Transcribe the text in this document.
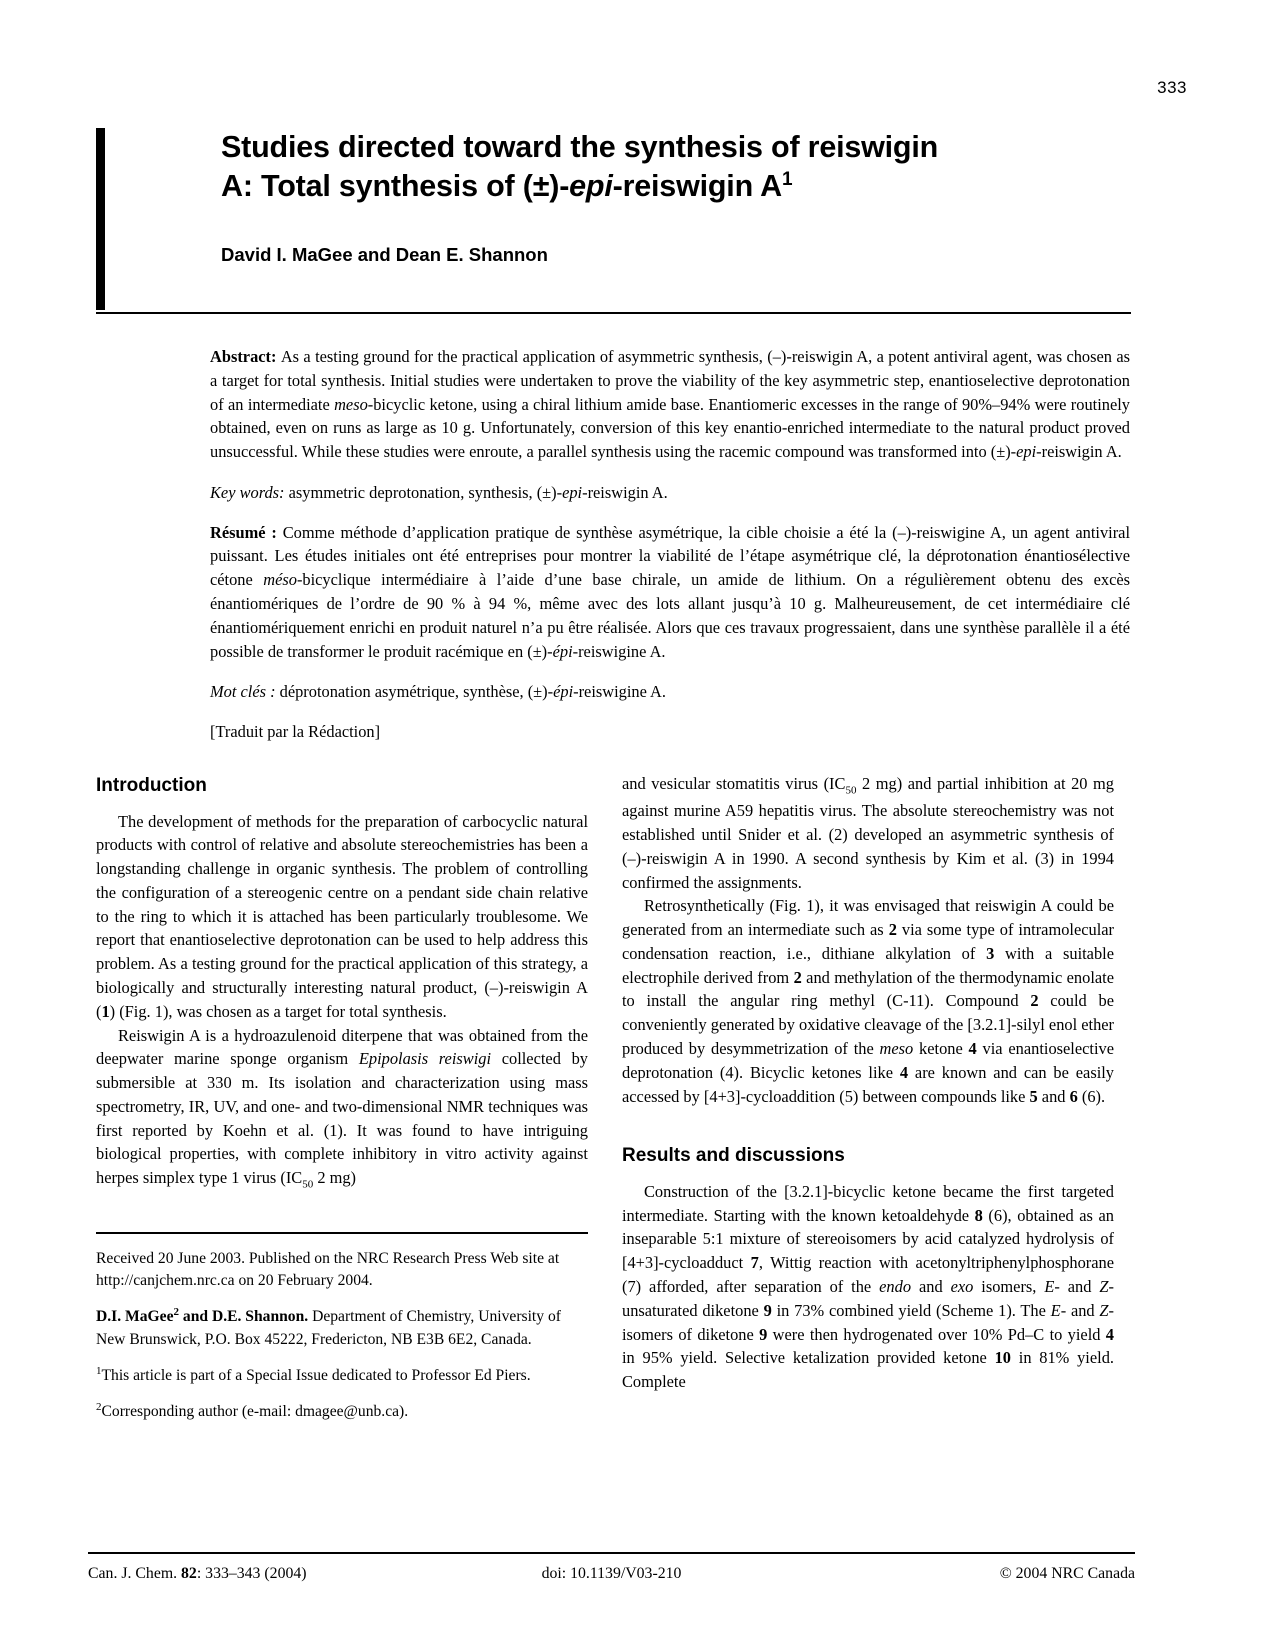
333
Studies directed toward the synthesis of reiswigin
A: Total synthesis of (±)-epi-reiswigin $A^1$
David I. MaGee and Dean E. Shannon

Abstract: As a testing ground for the practical application of asymmetric synthesis, (–)-reiswigin A, a potent antiviral agent, was chosen as a target for total synthesis. Initial studies were undertaken to prove the viability of the key asymmetric step, enantioselective deprotonation of an intermediate meso-bicyclic ketone, using a chiral lithium amide base. Enantiomeric excesses in the range of 90%–94% were routinely obtained, even on runs as large as 10 g. Unfortunately, conversion of this key enantio-enriched intermediate to the natural product proved unsuccessful. While these studies were enroute, a parallel synthesis using the racemic compound was transformed into (±)-epi-reiswigin A.

Key words: asymmetric deprotonation, synthesis, (±)-epi-reiswigin A.

Résumé : Comme méthode d’application pratique de synthèse asymétrique, la cible choisie a été la (–)-reiswigine A, un agent antiviral puissant. Les études initiales ont été entreprises pour montrer la viabilité de l’étape asymétrique clé, la déprotonation énantiosélective cétone méso-bicyclique intermédiaire à l’aide d’une base chirale, un amide de lithium. On a régulièrement obtenu des excès énantiomériques de l’ordre de 90 % à 94 %, même avec des lots allant jusqu’à 10 g. Malheureusement, de cet intermédiaire clé énantiomériquement enrichi en produit naturel n’a pu être réalisée. Alors que ces travaux progressaient, dans une synthèse parallèle il a été possible de transformer le produit racémique en (±)-épi-reiswigine A.

Mot clés : déprotonation asymétrique, synthèse, (±)-épi-reiswigine A.

[Traduit par la Rédaction]

Introduction

The development of methods for the preparation of carbocyclic natural products with control of relative and absolute stereochemistries has been a longstanding challenge in organic synthesis. The problem of controlling the configuration of a stereogenic centre on a pendant side chain relative to the ring to which it is attached has been particularly troublesome. We report that enantioselective deprotonation can be used to help address this problem. As a testing ground for the practical application of this strategy, a biologically and structurally interesting natural product, (–)-reiswigin A (1) (Fig. 1), was chosen as a target for total synthesis.

Reiswigin A is a hydroazulenoid diterpene that was obtained from the deepwater marine sponge organism Epipolasis reiswigi collected by submersible at 330 m. Its isolation and characterization using mass spectrometry, IR, UV, and one- and two-dimensional NMR techniques was first reported by Koehn et al. (1). It was found to have intriguing biological properties, with complete inhibitory in vitro activity against herpes simplex type 1 virus ($IC_{50}$ 2 mg)

Received 20 June 2003. Published on the NRC Research Press Web site at http://canjchem.nrc.ca on 20 February 2004.

D.I. MaGee$^2$ and D.E. Shannon. Department of Chemistry, University of New Brunswick, P.O. Box 45222, Fredericton, NB E3B 6E2, Canada.

$^1$This article is part of a Special Issue dedicated to Professor Ed Piers.

$^2$Corresponding author (e-mail: dmagee@unb.ca).

and vesicular stomatitis virus ($IC_{50}$ 2 mg) and partial inhibition at 20 mg against murine A59 hepatitis virus. The absolute stereochemistry was not established until Snider et al. (2) developed an asymmetric synthesis of (–)-reiswigin A in 1990. A second synthesis by Kim et al. (3) in 1994 confirmed the assignments.

Retrosynthetically (Fig. 1), it was envisaged that reiswigin A could be generated from an intermediate such as 2 via some type of intramolecular condensation reaction, i.e., dithiane alkylation of 3 with a suitable electrophile derived from 2 and methylation of the thermodynamic enolate to install the angular ring methyl (C-11). Compound 2 could be conveniently generated by oxidative cleavage of the [3.2.1]-silyl enol ether produced by desymmetrization of the meso ketone 4 via enantioselective deprotonation (4). Bicyclic ketones like 4 are known and can be easily accessed by [4+3]-cycloaddition (5) between compounds like 5 and 6 (6).

Results and discussions

Construction of the [3.2.1]-bicyclic ketone became the first targeted intermediate. Starting with the known ketoaldehyde 8 (6), obtained as an inseparable 5:1 mixture of stereoisomers by acid catalyzed hydrolysis of [4+3]-cycloadduct 7, Wittig reaction with acetonyltriphenylphosphorane (7) afforded, after separation of the endo and exo isomers, E- and Z-unsaturated diketone 9 in 73% combined yield (Scheme 1). The E- and Z-isomers of diketone 9 were then hydrogenated over 10% Pd–C to yield 4 in 95% yield. Selective ketalization provided ketone 10 in 81% yield. Complete

Can. J. Chem. 82: 333–343 (2004)	doi: 10.1139/V03-210	© 2004 NRC Canada
